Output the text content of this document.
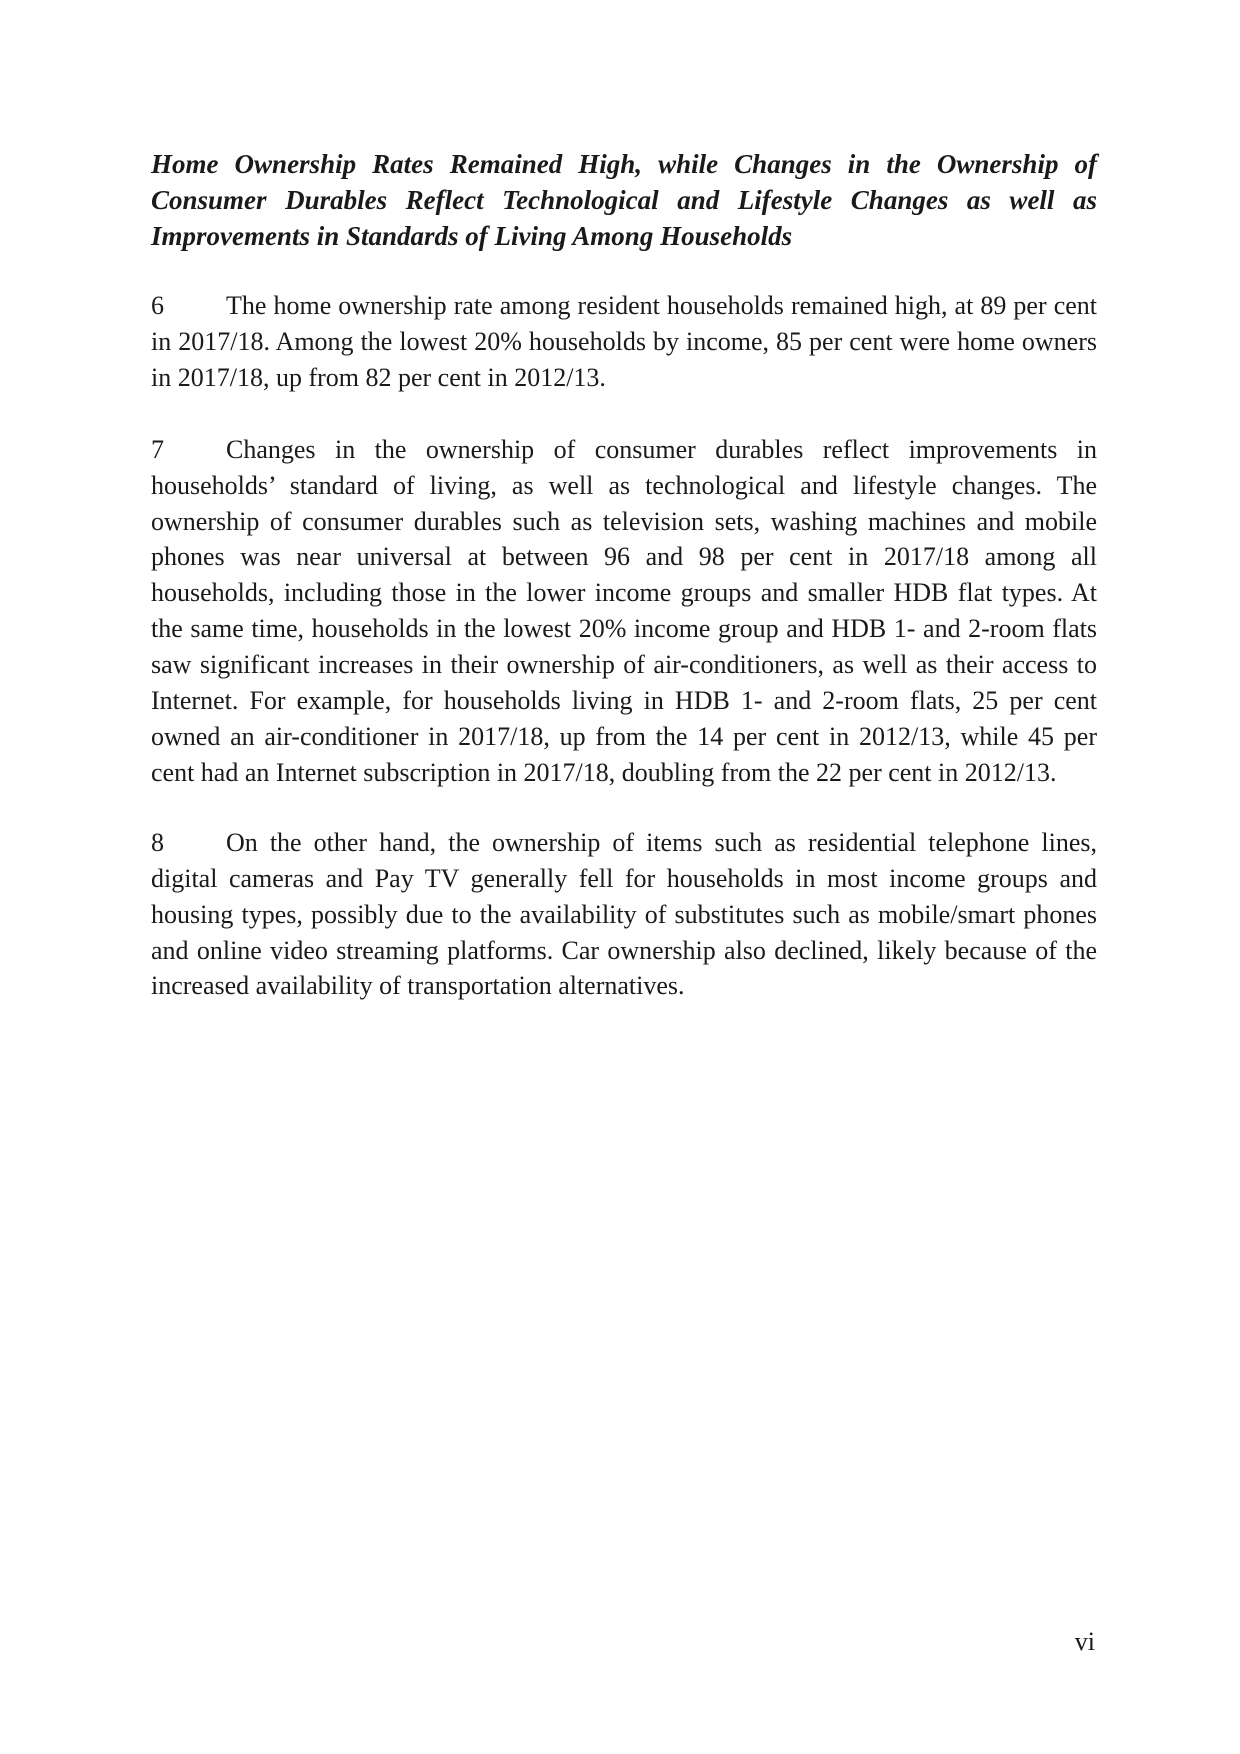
Home Ownership Rates Remained High, while Changes in the Ownership of Consumer Durables Reflect Technological and Lifestyle Changes as well as Improvements in Standards of Living Among Households

6 The home ownership rate among resident households remained high, at 89 per cent in 2017/18. Among the lowest 20% households by income, 85 per cent were home owners in 2017/18, up from 82 per cent in 2012/13.

7 Changes in the ownership of consumer durables reflect improvements in households’ standard of living, as well as technological and lifestyle changes. The ownership of consumer durables such as television sets, washing machines and mobile phones was near universal at between 96 and 98 per cent in 2017/18 among all households, including those in the lower income groups and smaller HDB flat types. At the same time, households in the lowest 20% income group and HDB 1- and 2-room flats saw significant increases in their ownership of air-conditioners, as well as their access to Internet. For example, for households living in HDB 1- and 2-room flats, 25 per cent owned an air-conditioner in 2017/18, up from the 14 per cent in 2012/13, while 45 per cent had an Internet subscription in 2017/18, doubling from the 22 per cent in 2012/13.

8 On the other hand, the ownership of items such as residential telephone lines, digital cameras and Pay TV generally fell for households in most income groups and housing types, possibly due to the availability of substitutes such as mobile/smart phones and online video streaming platforms. Car ownership also declined, likely because of the increased availability of transportation alternatives.

vi
